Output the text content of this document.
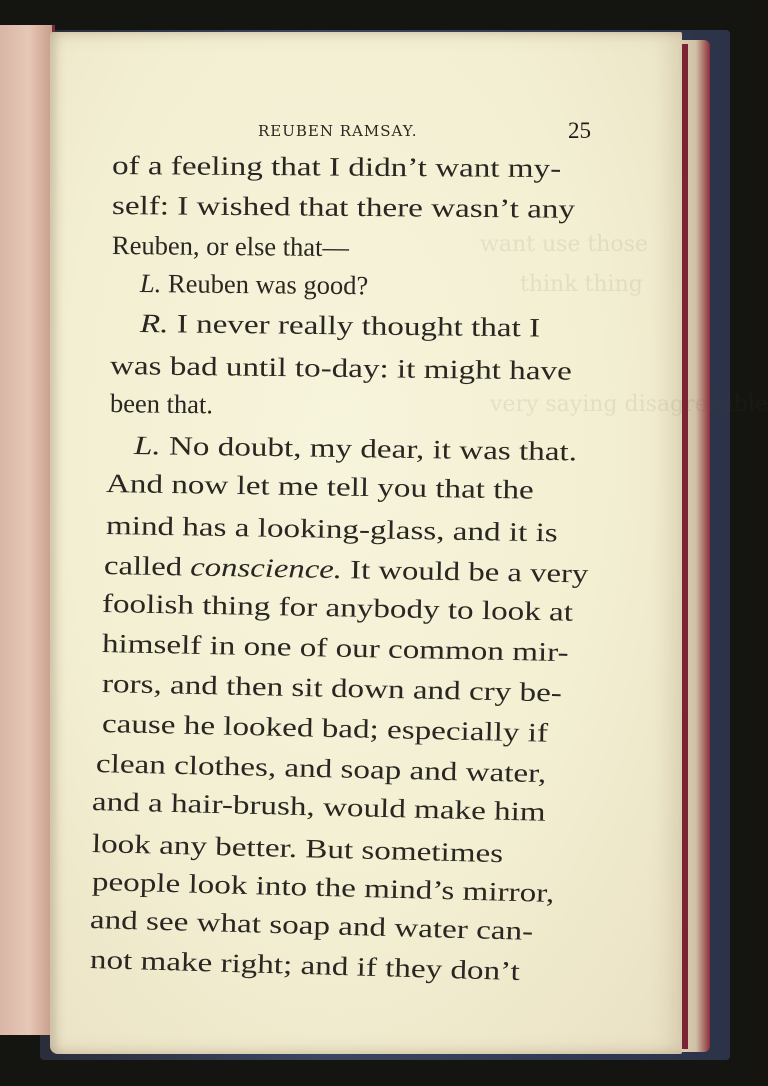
want use those
think thing
very saying disagreeable
REUBEN RAMSAY.	25
of a feeling that I didn’t want my-
self: I wished that there wasn’t any
Reuben, or else that—
L. Reuben was good?
R. I never really thought that I
was bad until to-day: it might have
been that.
L. No doubt, my dear, it was that.
And now let me tell you that the
mind has a looking-glass, and it is
called conscience. It would be a very
foolish thing for anybody to look at
himself in one of our common mir-
rors, and then sit down and cry be-
cause he looked bad; especially if
clean clothes, and soap and water,
and a hair-brush, would make him
look any better. But sometimes
people look into the mind’s mirror,
and see what soap and water can-
not make right; and if they don’t
